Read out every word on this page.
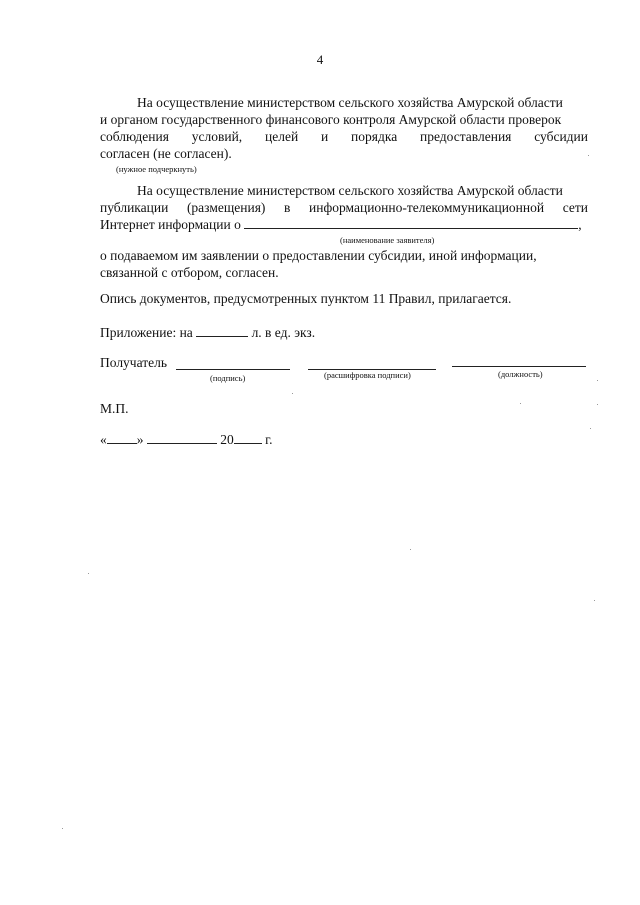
4
На осуществление министерством сельского хозяйства Амурской области
и органом государственного финансового контроля Амурской области проверок
соблюдения условий, целей и порядка предоставления субсидии
согласен (не согласен).
(нужное подчеркнуть)
На осуществление министерством сельского хозяйства Амурской области
публикации (размещения) в информационно-телекоммуникационной сети
Интернет информации о	,
(наименование заявителя)
о подаваемом им заявлении о предоставлении субсидии, иной информации,
связанной с отбором, согласен.
Опись документов, предусмотренных пунктом 11 Правил, прилагается.
Приложение: на	л. в ед. экз.
Получатель
(подпись)	(расшифровка подписи)	(должность)
М.П.
« »	20 г.
